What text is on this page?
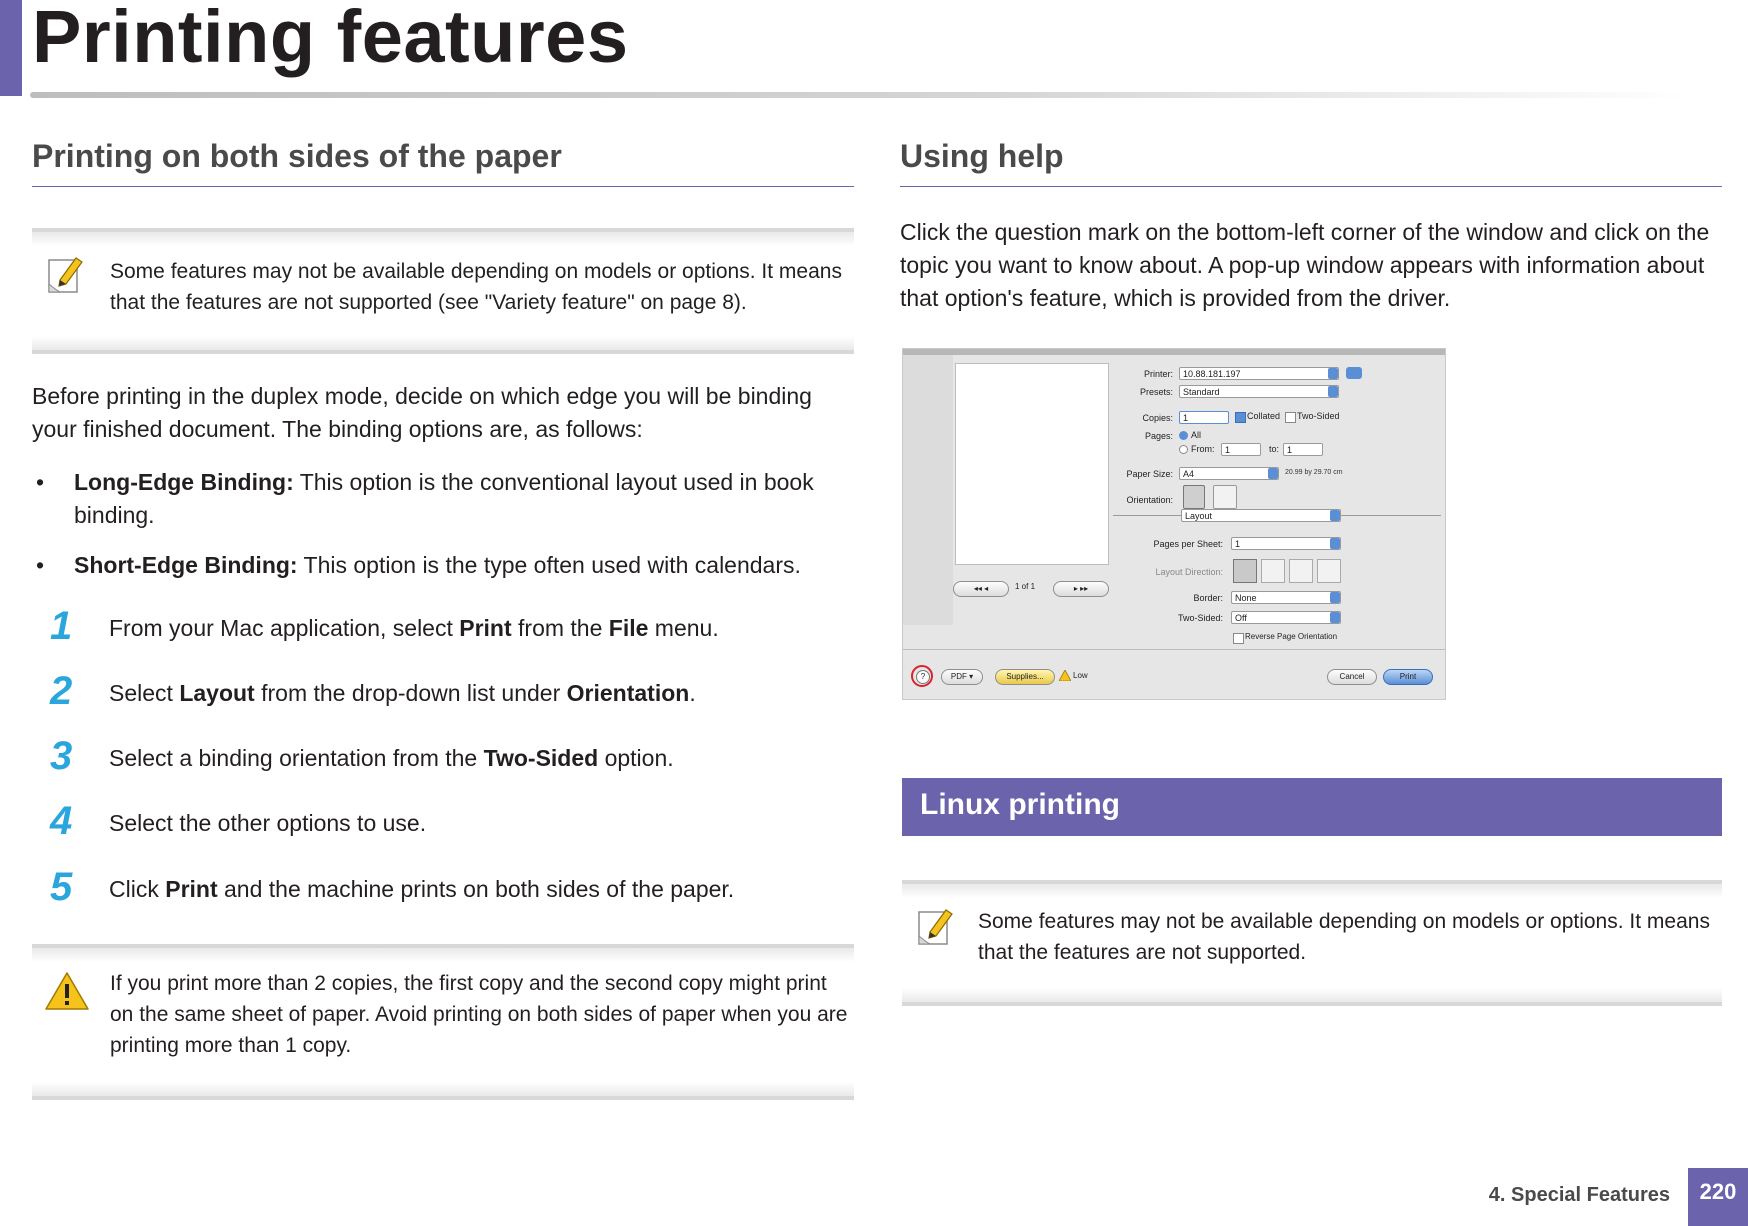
Printing features
Printing on both sides of the paper
Some features may not be available depending on models or options. It means that the features are not supported (see "Variety feature" on page 8).
Before printing in the duplex mode, decide on which edge you will be binding your finished document. The binding options are, as follows:
• Long-Edge Binding: This option is the conventional layout used in book binding.
• Short-Edge Binding: This option is the type often used with calendars.
1 From your Mac application, select Print from the File menu.
2 Select Layout from the drop-down list under Orientation.
3 Select a binding orientation from the Two-Sided option.
4 Select the other options to use.
5 Click Print and the machine prints on both sides of the paper.
If you print more than 2 copies, the first copy and the second copy might print on the same sheet of paper. Avoid printing on both sides of paper when you are printing more than 1 copy.
Using help
Click the question mark on the bottom-left corner of the window and click on the topic you want to know about. A pop-up window appears with information about that option's feature, which is provided from the driver.
◂◂ ◂	1 of 1	▸ ▸▸
Printer:	10.88.181.197
Presets:	Standard
Copies:	1	Collated Two-Sided
Pages: All
From:	1	to: 1
Paper Size:	A4	20.99 by 29.70 cm
Orientation:
Layout
Pages per Sheet:	1
Layout Direction:
Border:	None
Two-Sided:	Off
Reverse Page Orientation
?	PDF ▾	Supplies...	Low	Cancel	Print
Linux printing
Some features may not be available depending on models or options. It means that the features are not supported.
4. Special Features	220
